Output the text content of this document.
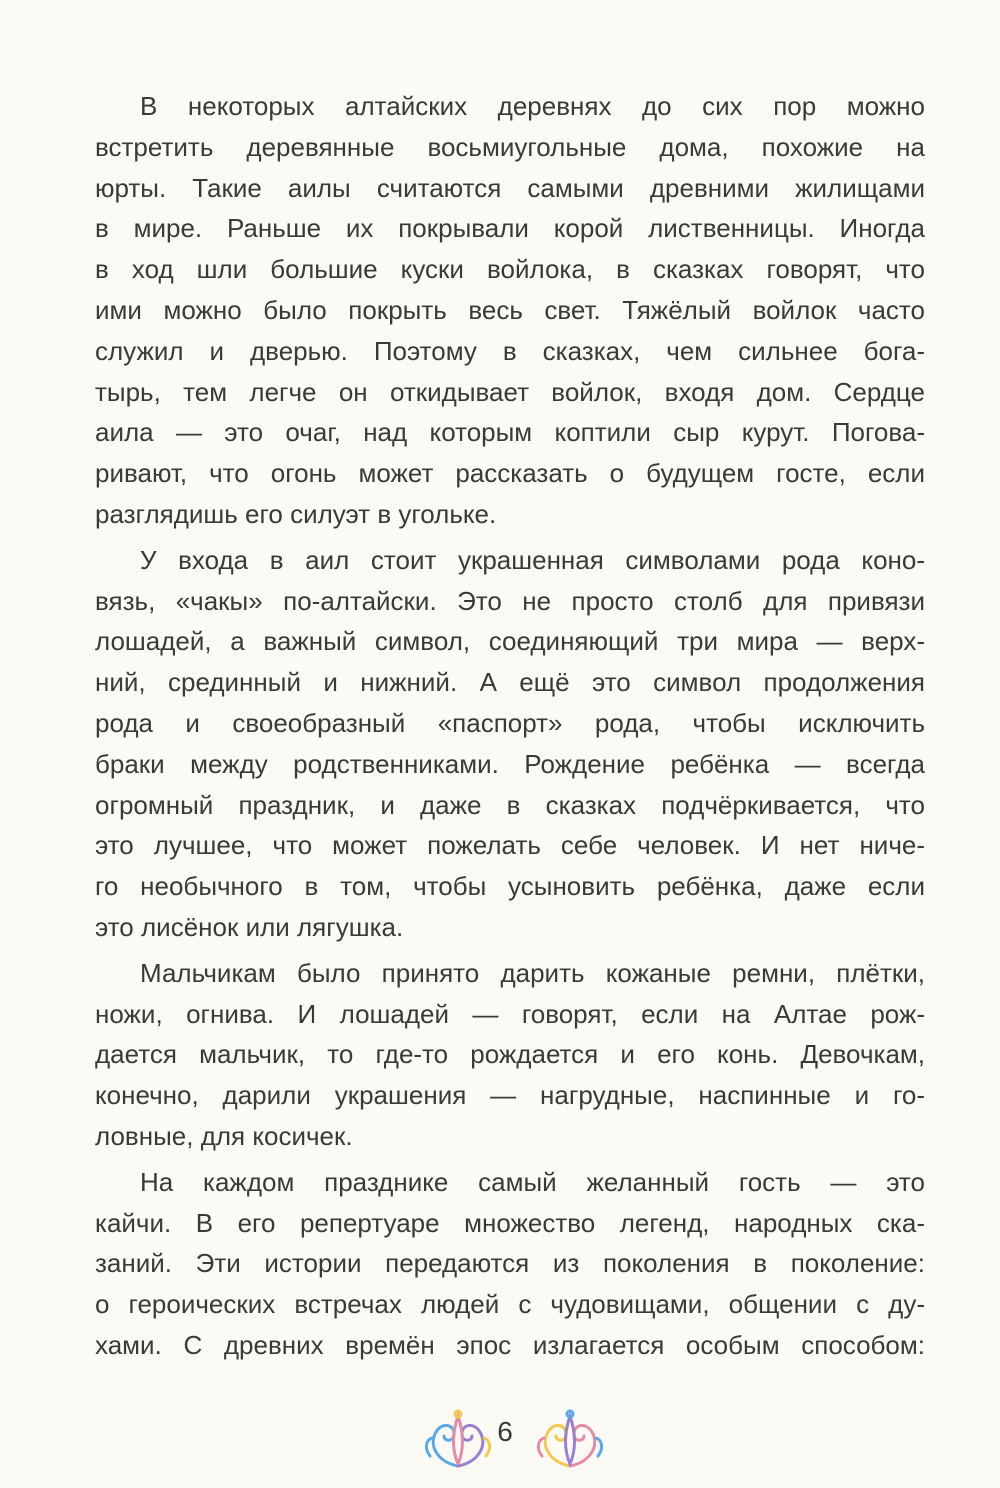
В некоторых алтайских деревнях до сих пор можно
встретить деревянные восьмиугольные дома, похожие на
юрты. Такие аилы считаются самыми древними жилищами
в мире. Раньше их покрывали корой лиственницы. Иногда
в ход шли большие куски войлока, в сказках говорят, что
ими можно было покрыть весь свет. Тяжёлый войлок часто
служил и дверью. Поэтому в сказках, чем сильнее бога-
тырь, тем легче он откидывает войлок, входя дом. Сердце
аила — это очаг, над которым коптили сыр курут. Погова-
ривают, что огонь может рассказать о будущем госте, если
разглядишь его силуэт в угольке.
У входа в аил стоит украшенная символами рода коно-
вязь, «чакы» по-алтайски. Это не просто столб для привязи
лошадей, а важный символ, соединяющий три мира — верх-
ний, срединный и нижний. А ещё это символ продолжения
рода и своеобразный «паспорт» рода, чтобы исключить
браки между родственниками. Рождение ребёнка — всегда
огромный праздник, и даже в сказках подчёркивается, что
это лучшее, что может пожелать себе человек. И нет ниче-
го необычного в том, чтобы усыновить ребёнка, даже если
это лисёнок или лягушка.
Мальчикам было принято дарить кожаные ремни, плётки,
ножи, огнива. И лошадей — говорят, если на Алтае рож-
дается мальчик, то где-то рождается и его конь. Девочкам,
конечно, дарили украшения — нагрудные, наспинные и го-
ловные, для косичек.
На каждом празднике самый желанный гость — это
кайчи. В его репертуаре множество легенд, народных ска-
заний. Эти истории передаются из поколения в поколение:
о героических встречах людей с чудовищами, общении с ду-
хами. С древних времён эпос излагается особым способом:
6
